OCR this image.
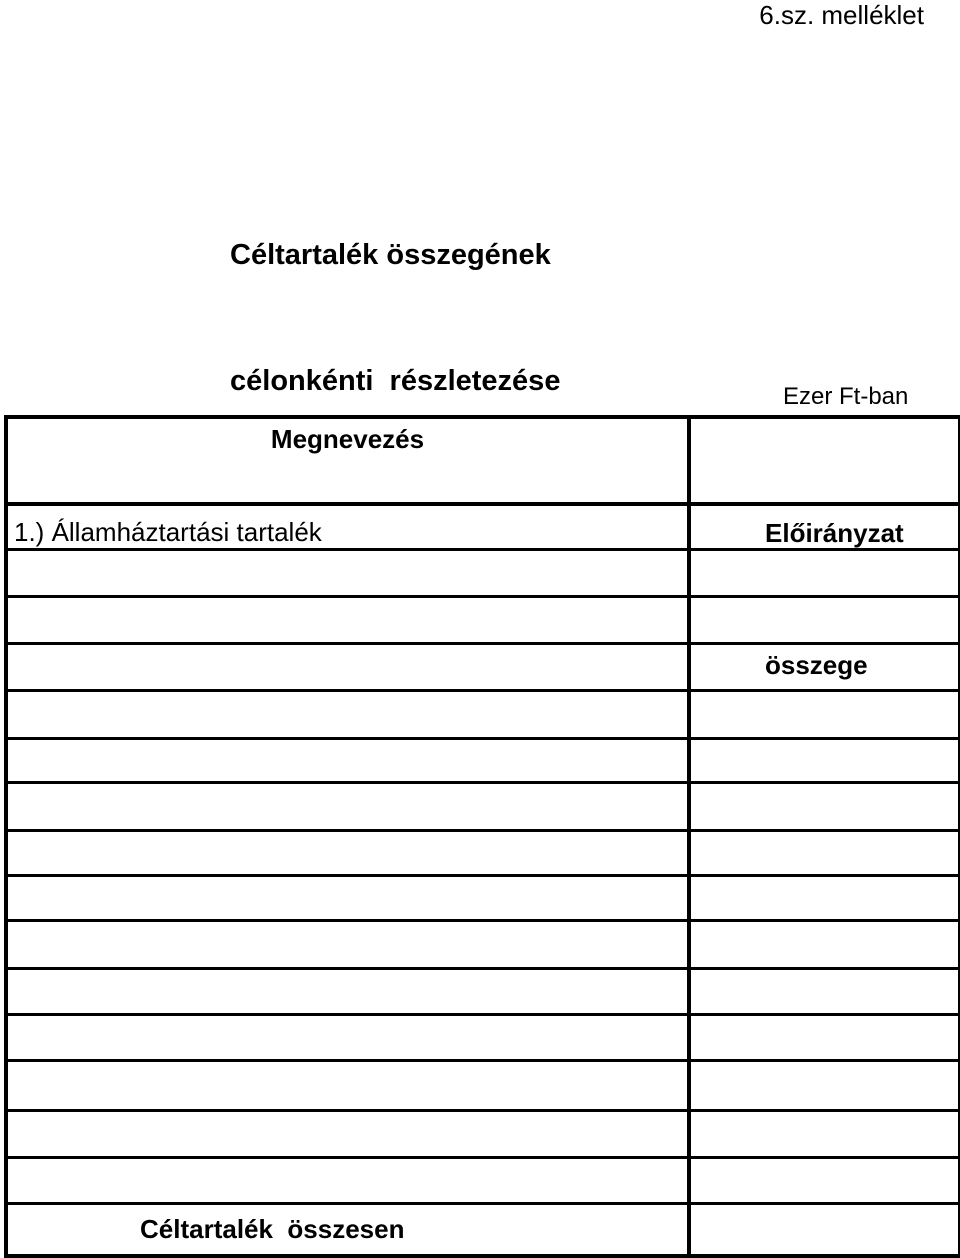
6.sz. melléklet

Céltartalék összegének

célonkénti  részletezése	Ezer Ft-ban
Megnevezés

Előirányzat

összege

1.) Államháztartási tartalék
Céltartalék  összesen
